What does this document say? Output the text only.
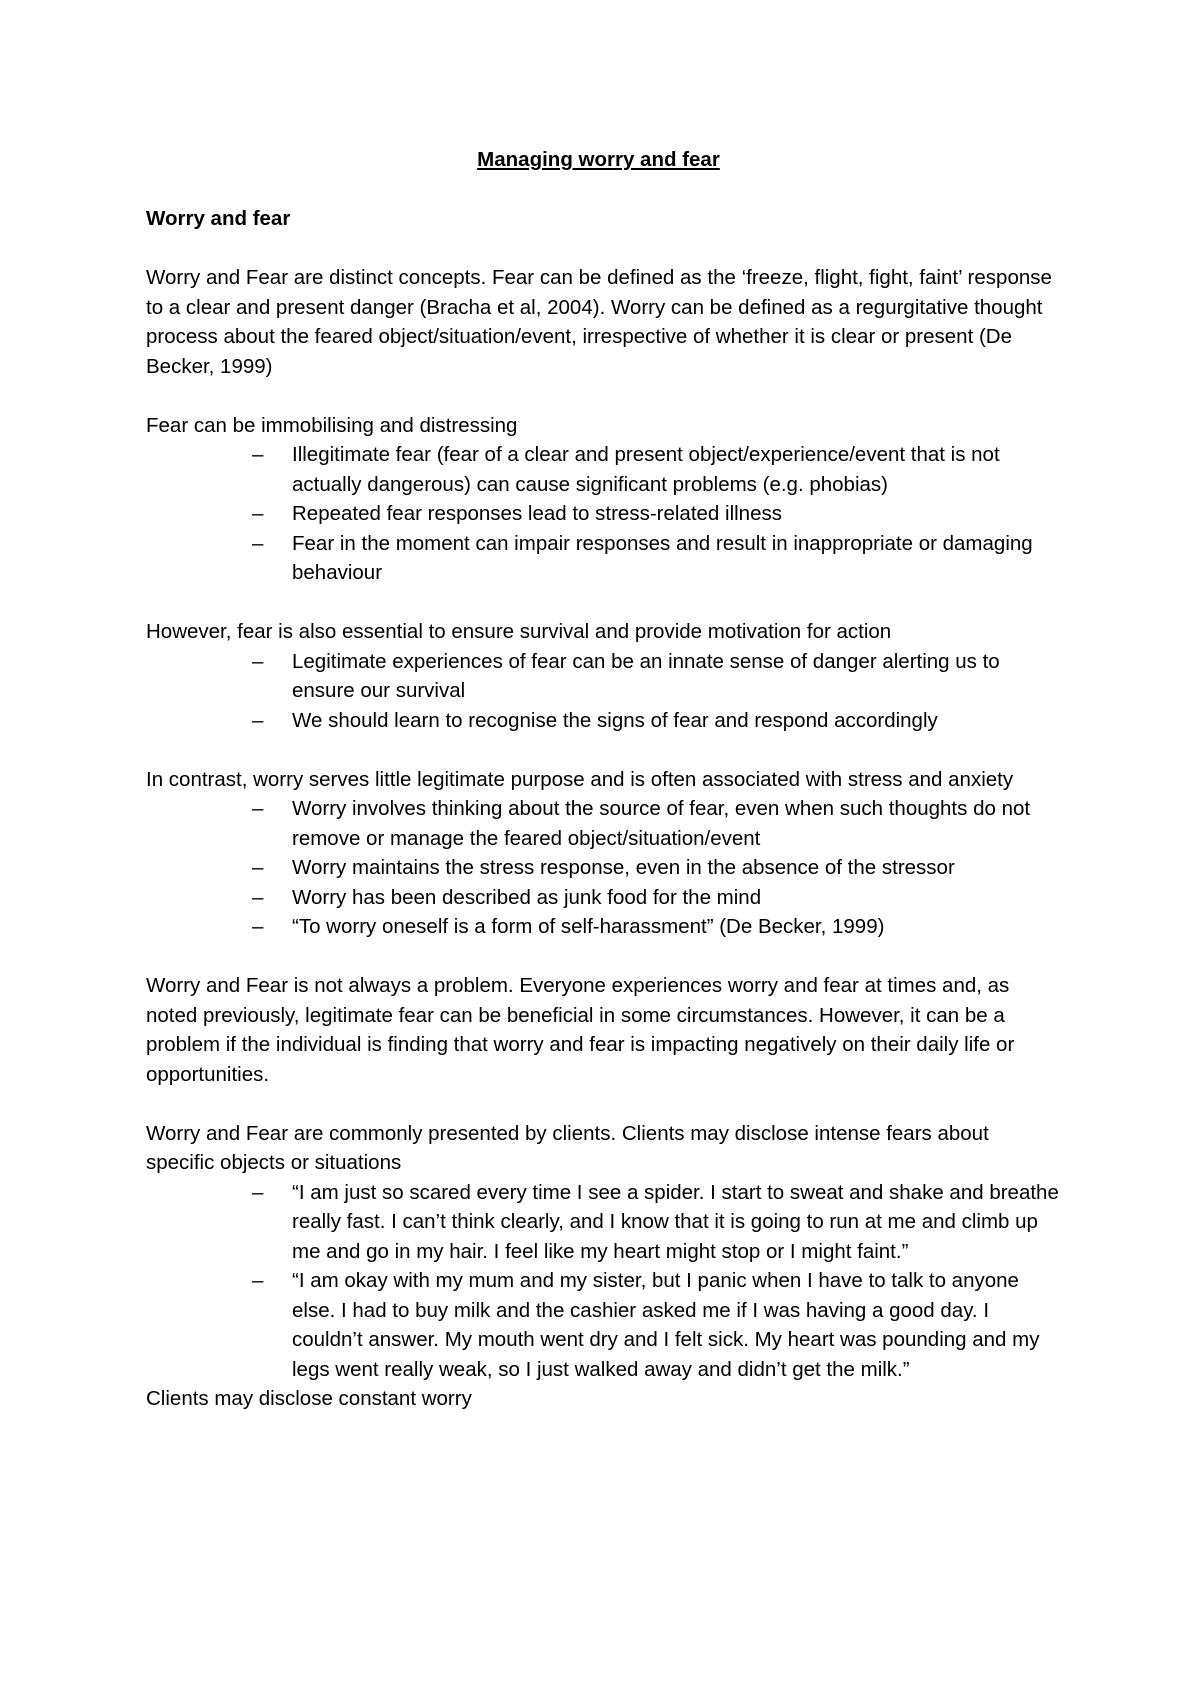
Managing worry and fear

Worry and fear

Worry and Fear are distinct concepts. Fear can be defined as the ‘freeze, flight, fight, faint’ response to a clear and present danger (Bracha et al, 2004). Worry can be defined as a regurgitative thought process about the feared object/situation/event, irrespective of whether it is clear or present (De Becker, 1999)

Fear can be immobilising and distressing

– Illegitimate fear (fear of a clear and present object/experience/event that is not actually dangerous) can cause significant problems (e.g. phobias)
– Repeated fear responses lead to stress-related illness
– Fear in the moment can impair responses and result in inappropriate or damaging behaviour

However, fear is also essential to ensure survival and provide motivation for action

– Legitimate experiences of fear can be an innate sense of danger alerting us to ensure our survival
– We should learn to recognise the signs of fear and respond accordingly

In contrast, worry serves little legitimate purpose and is often associated with stress and anxiety

– Worry involves thinking about the source of fear, even when such thoughts do not remove or manage the feared object/situation/event
– Worry maintains the stress response, even in the absence of the stressor
– Worry has been described as junk food for the mind
– “To worry oneself is a form of self-harassment” (De Becker, 1999)

Worry and Fear is not always a problem. Everyone experiences worry and fear at times and, as noted previously, legitimate fear can be beneficial in some circumstances. However, it can be a problem if the individual is finding that worry and fear is impacting negatively on their daily life or opportunities.

Worry and Fear are commonly presented by clients. Clients may disclose intense fears about specific objects or situations

– “I am just so scared every time I see a spider. I start to sweat and shake and breathe really fast. I can’t think clearly, and I know that it is going to run at me and climb up me and go in my hair. I feel like my heart might stop or I might faint.”
– “I am okay with my mum and my sister, but I panic when I have to talk to anyone else. I had to buy milk and the cashier asked me if I was having a good day. I couldn’t answer. My mouth went dry and I felt sick. My heart was pounding and my legs went really weak, so I just walked away and didn’t get the milk.”

Clients may disclose constant worry
